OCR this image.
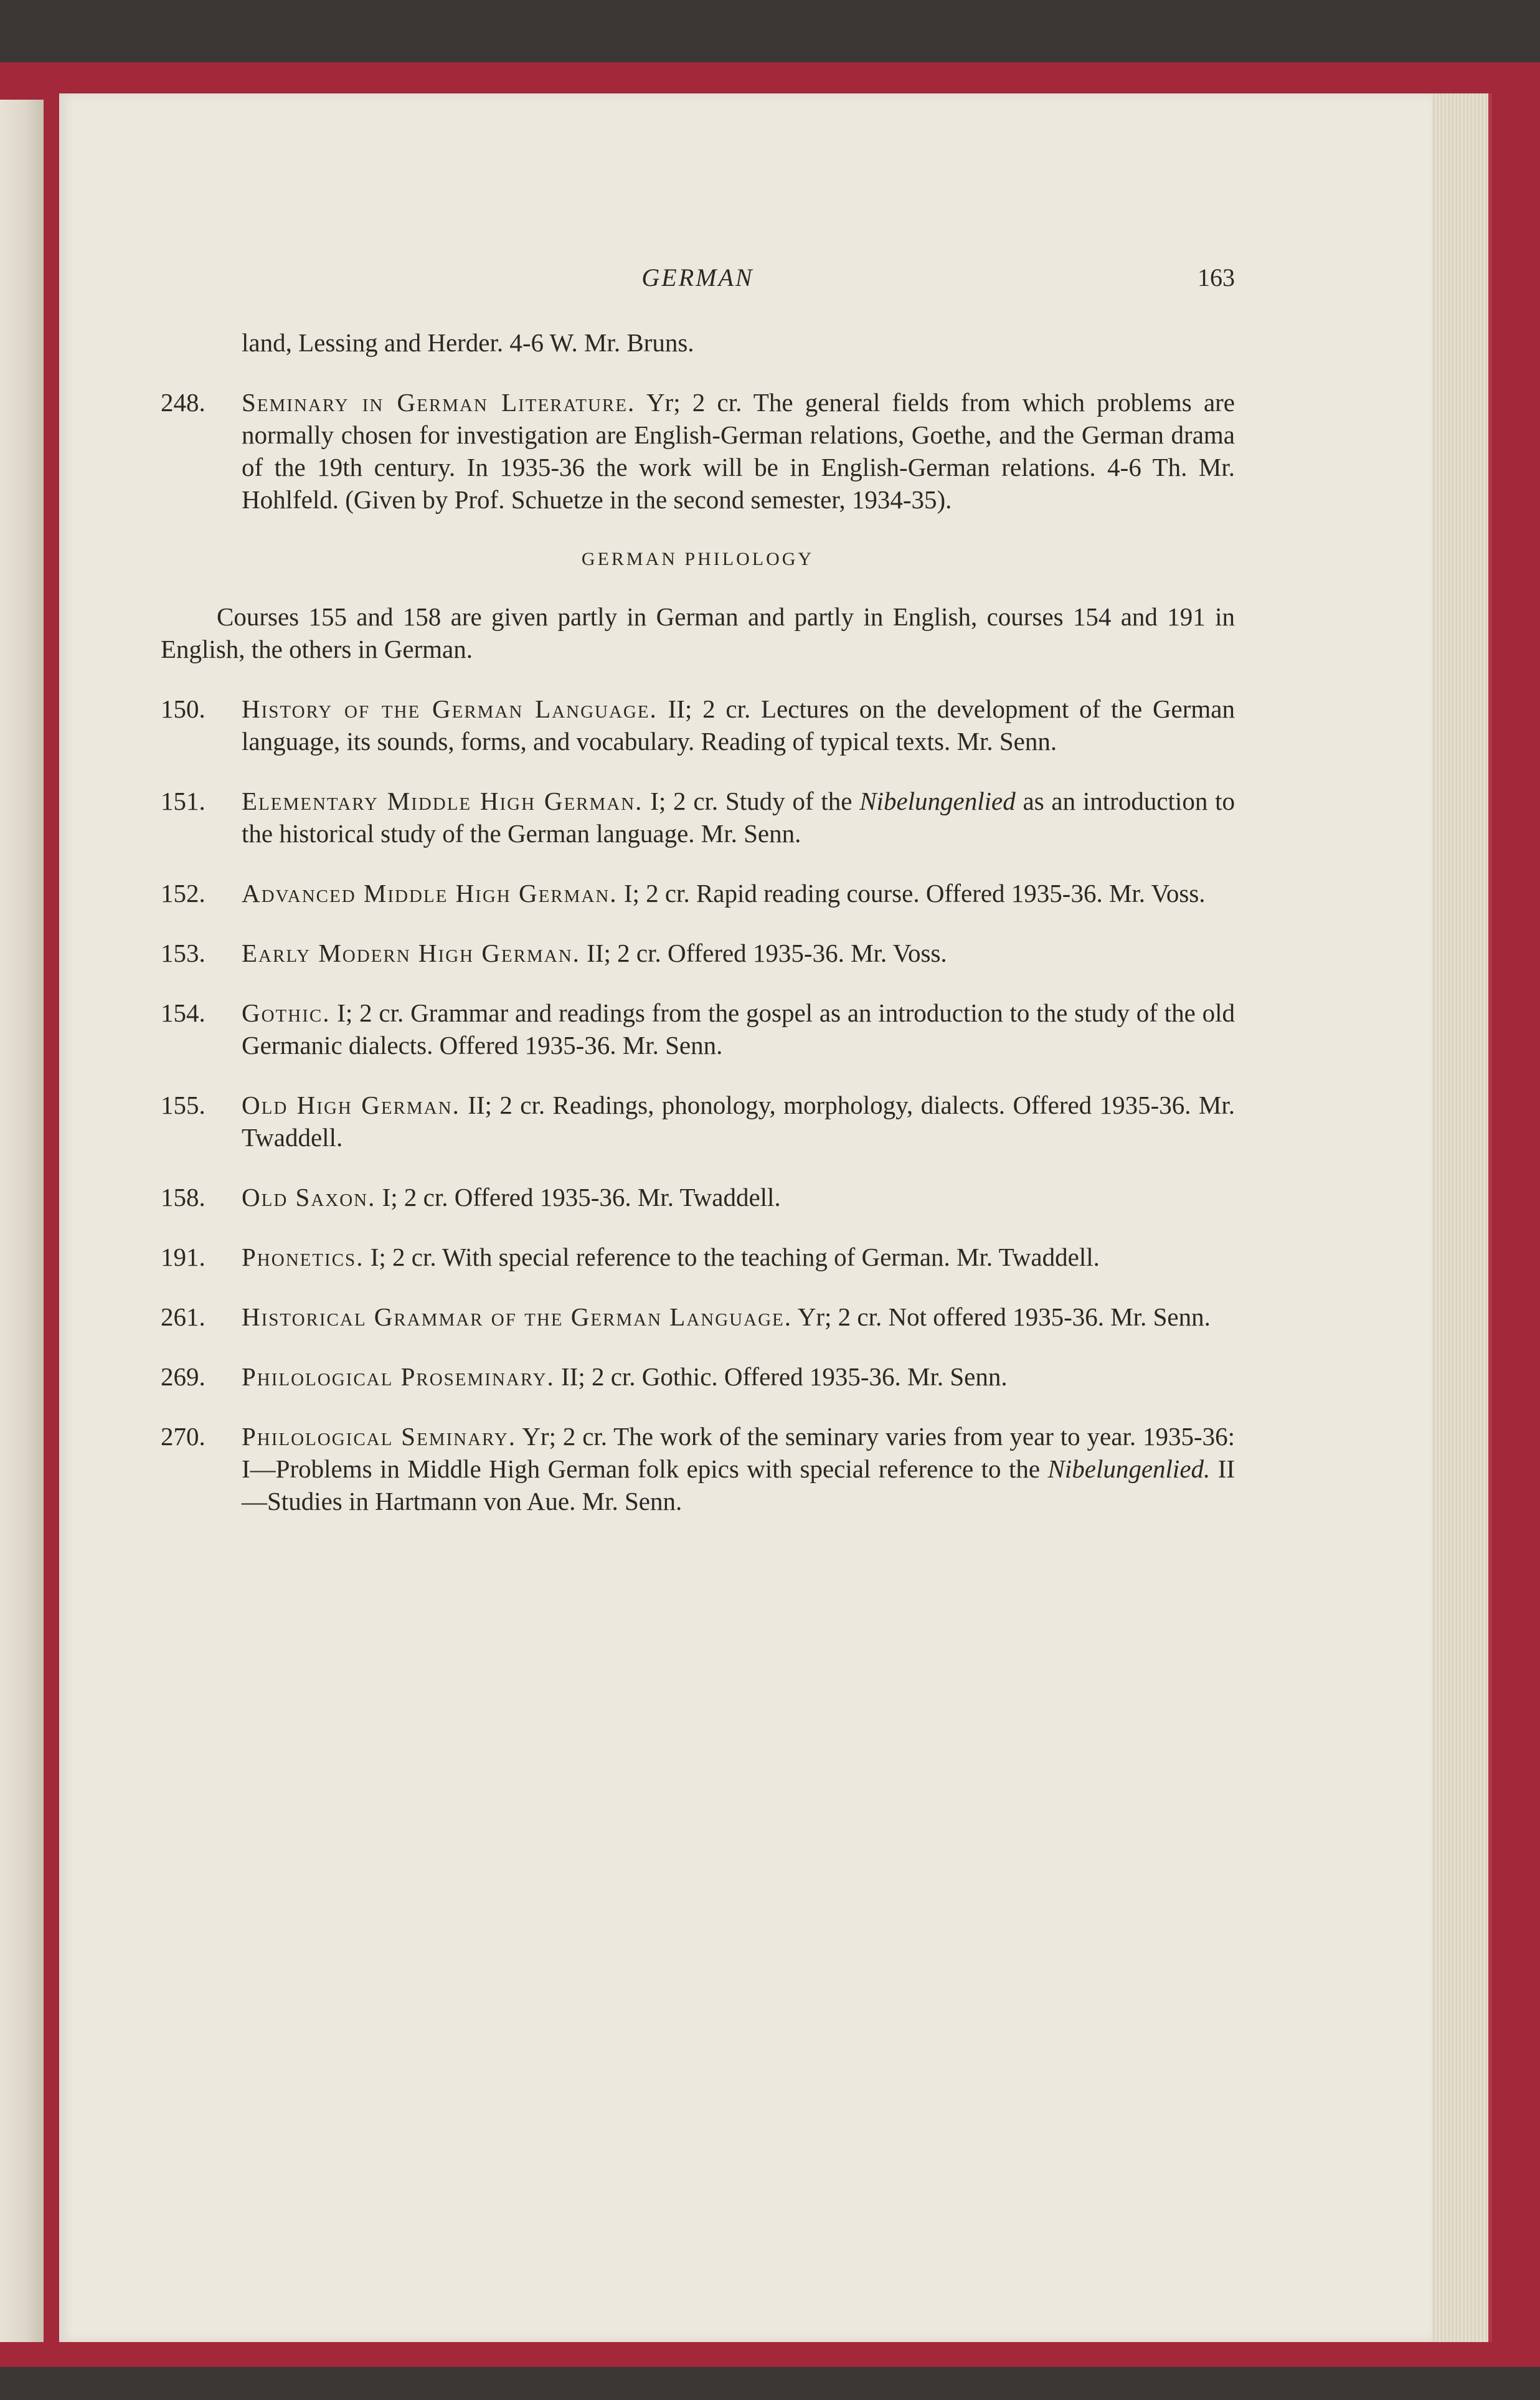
GERMAN	163

land, Lessing and Herder. 4-6 W. Mr. Bruns.

248. Seminary in German Literature. Yr; 2 cr. The general fields from which problems are normally chosen for investigation are English-German relations, Goethe, and the German drama of the 19th century. In 1935-36 the work will be in English-German relations. 4-6 Th. Mr. Hohlfeld. (Given by Prof. Schuetze in the second semester, 1934-35).

GERMAN PHILOLOGY

Courses 155 and 158 are given partly in German and partly in English, courses 154 and 191 in English, the others in German.

150. History of the German Language. II; 2 cr. Lectures on the development of the German language, its sounds, forms, and vocabulary. Reading of typical texts. Mr. Senn.
151. Elementary Middle High German. I; 2 cr. Study of the Nibelungenlied as an introduction to the historical study of the German language. Mr. Senn.
152. Advanced Middle High German. I; 2 cr. Rapid reading course. Offered 1935-36. Mr. Voss.
153. Early Modern High German. II; 2 cr. Offered 1935-36. Mr. Voss.
154. Gothic. I; 2 cr. Grammar and readings from the gospel as an introduction to the study of the old Germanic dialects. Offered 1935-36. Mr. Senn.
155. Old High German. II; 2 cr. Readings, phonology, morphology, dialects. Offered 1935-36. Mr. Twaddell.
158. Old Saxon. I; 2 cr. Offered 1935-36. Mr. Twaddell.
191. Phonetics. I; 2 cr. With special reference to the teaching of German. Mr. Twaddell.
261. Historical Grammar of the German Language. Yr; 2 cr. Not offered 1935-36. Mr. Senn.
269. Philological Proseminary. II; 2 cr. Gothic. Offered 1935-36. Mr. Senn.
270. Philological Seminary. Yr; 2 cr. The work of the seminary varies from year to year. 1935-36: I—Problems in Middle High German folk epics with special reference to the Nibelungenlied. II—Studies in Hartmann von Aue. Mr. Senn.
